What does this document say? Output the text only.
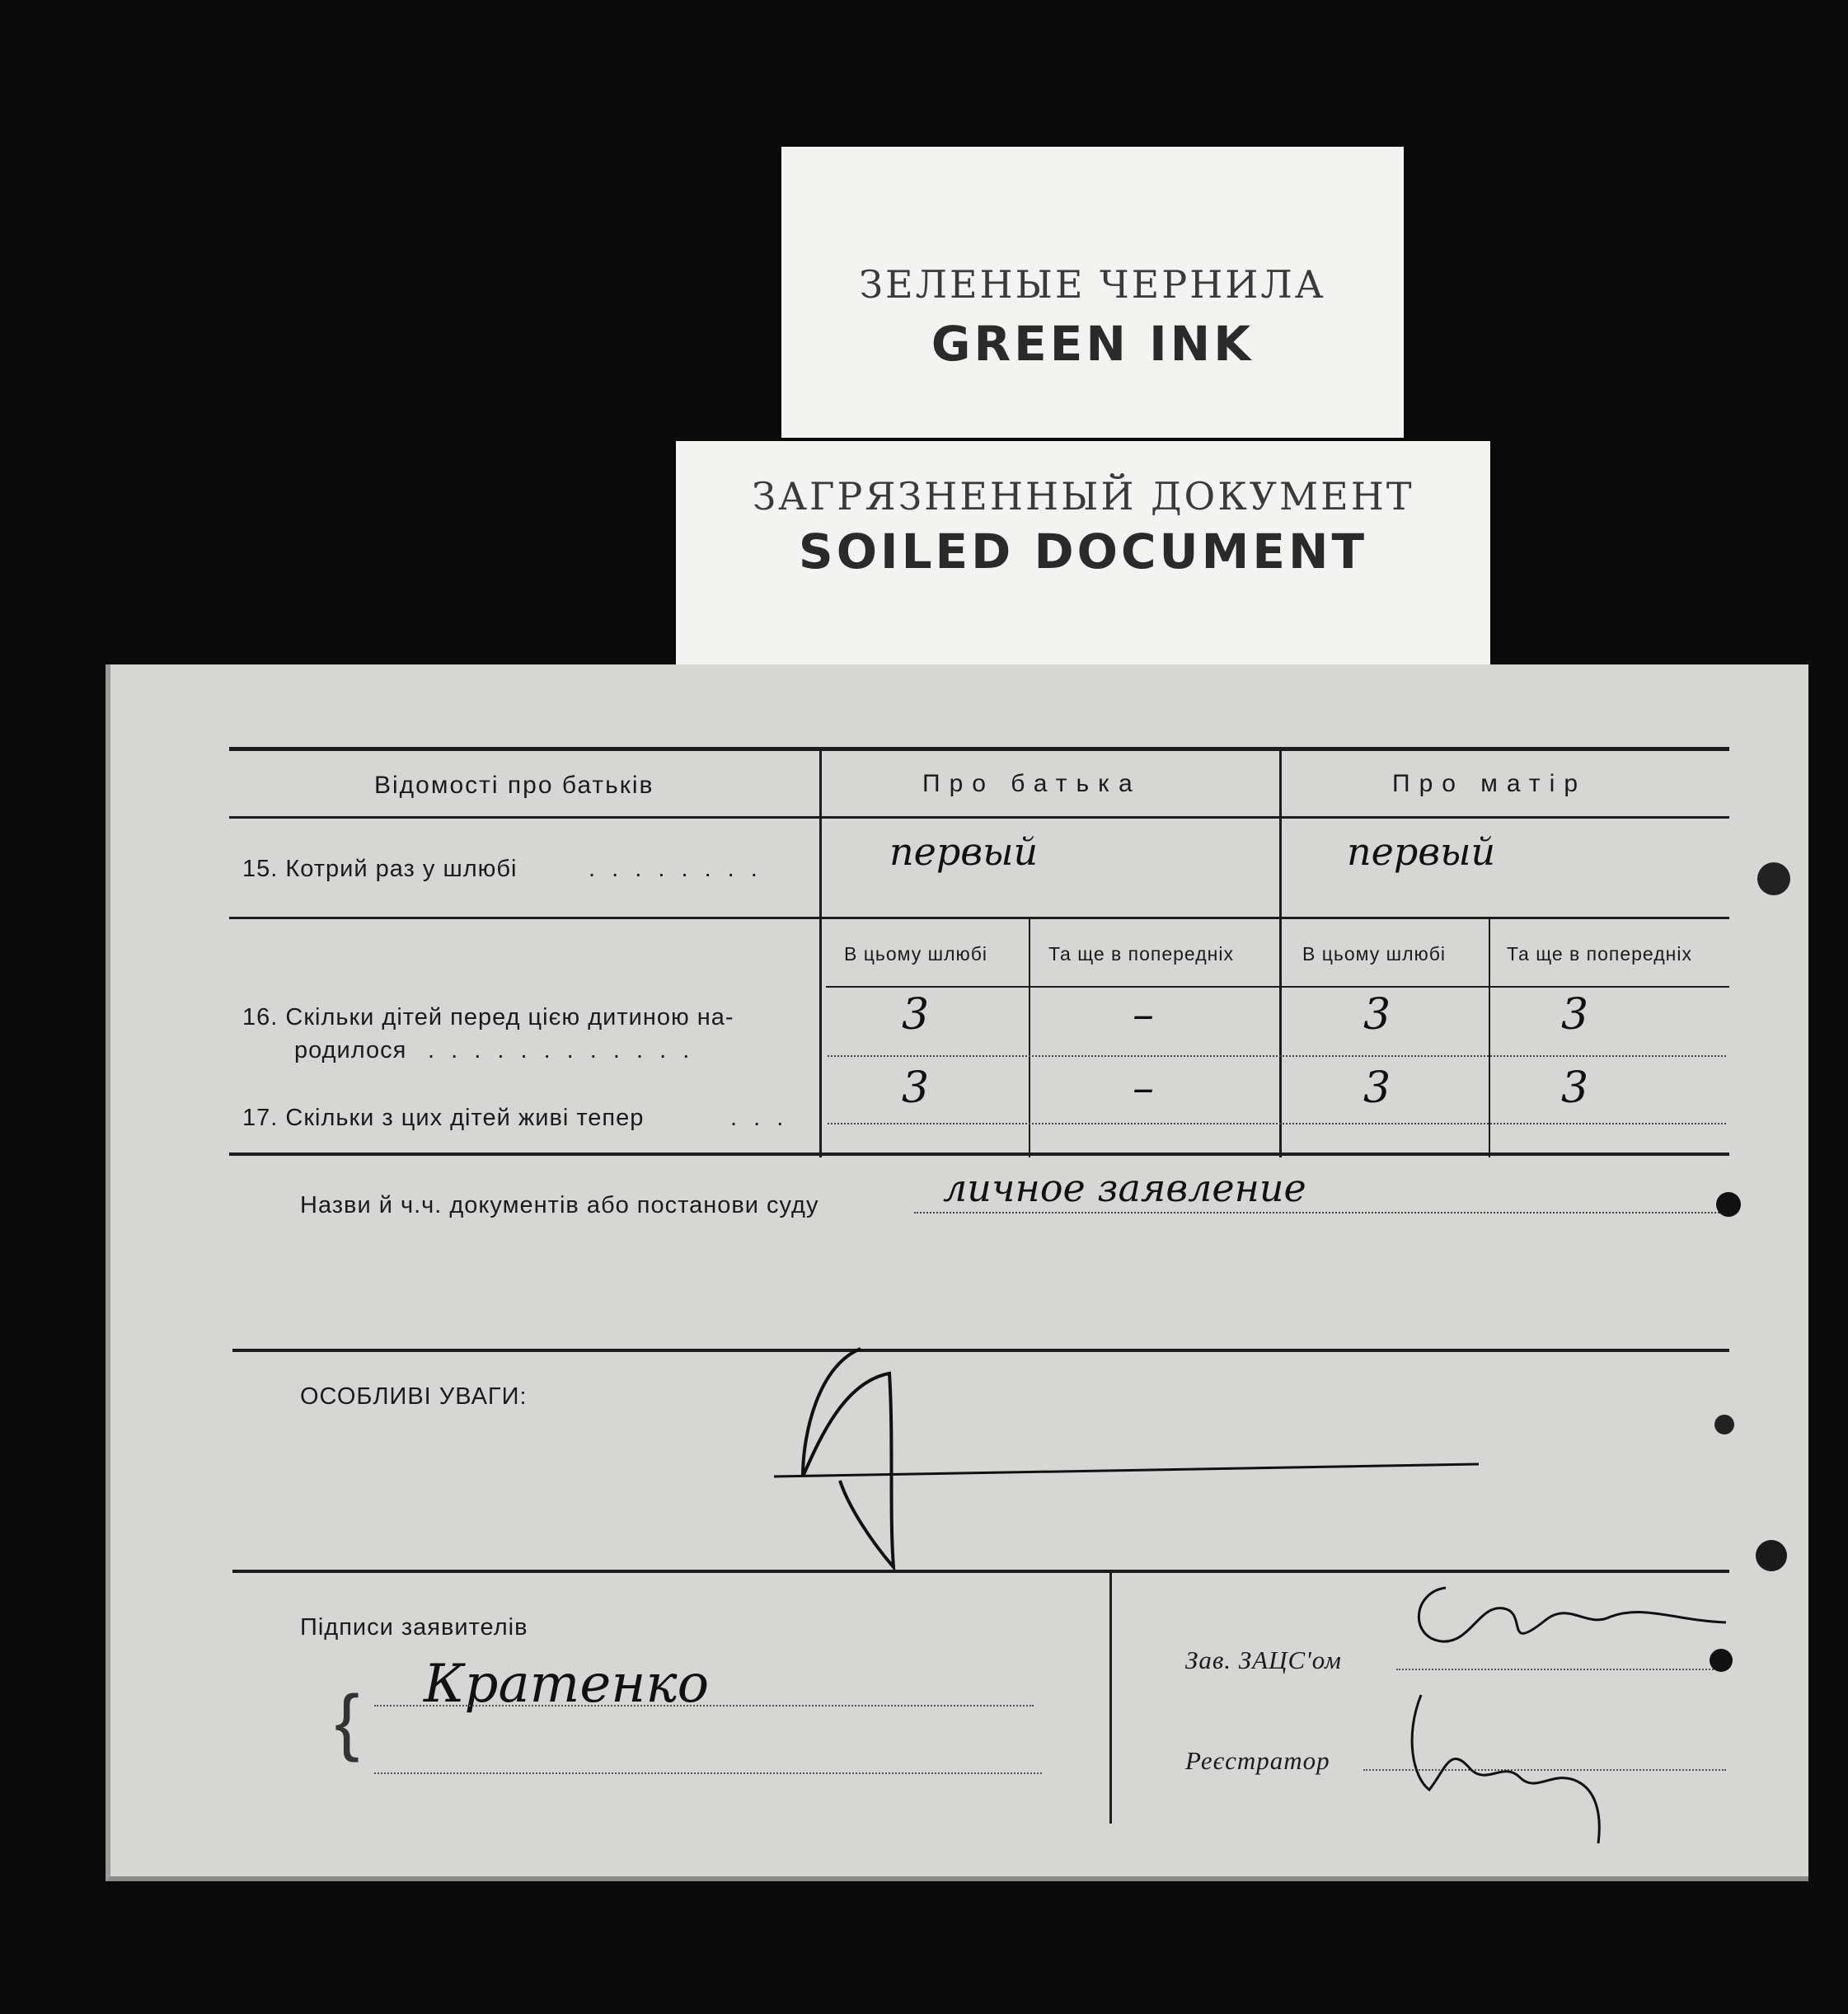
ЗЕЛЕНЫЕ ЧЕРНИЛА
GREEN INK
ЗАГРЯЗНЕННЫЙ ДОКУМЕНТ
SOILED DOCUMENT
Відомості про батьків	Про батька	Про матір
15. Котрий раз у шлюбі	. . . . . . . .	первый	первый
В цьому шлюбі	Та ще в попередніх	В цьому шлюбі	Та ще в попередніх
16. Скільки дітей перед цією дитиною на-
родилося . . . . . . . . . . . .
3	–	3	3
17. Скільки з цих дітей живі тепер	. . .
3	–	3	3
Назви й ч.ч. документів або постанови суду	личное заявление
ОСОБЛИВІ УВАГИ:
Підписи заявителів
{ Кратенко	Зав. ЗАЦС'ом
Реєстратор
